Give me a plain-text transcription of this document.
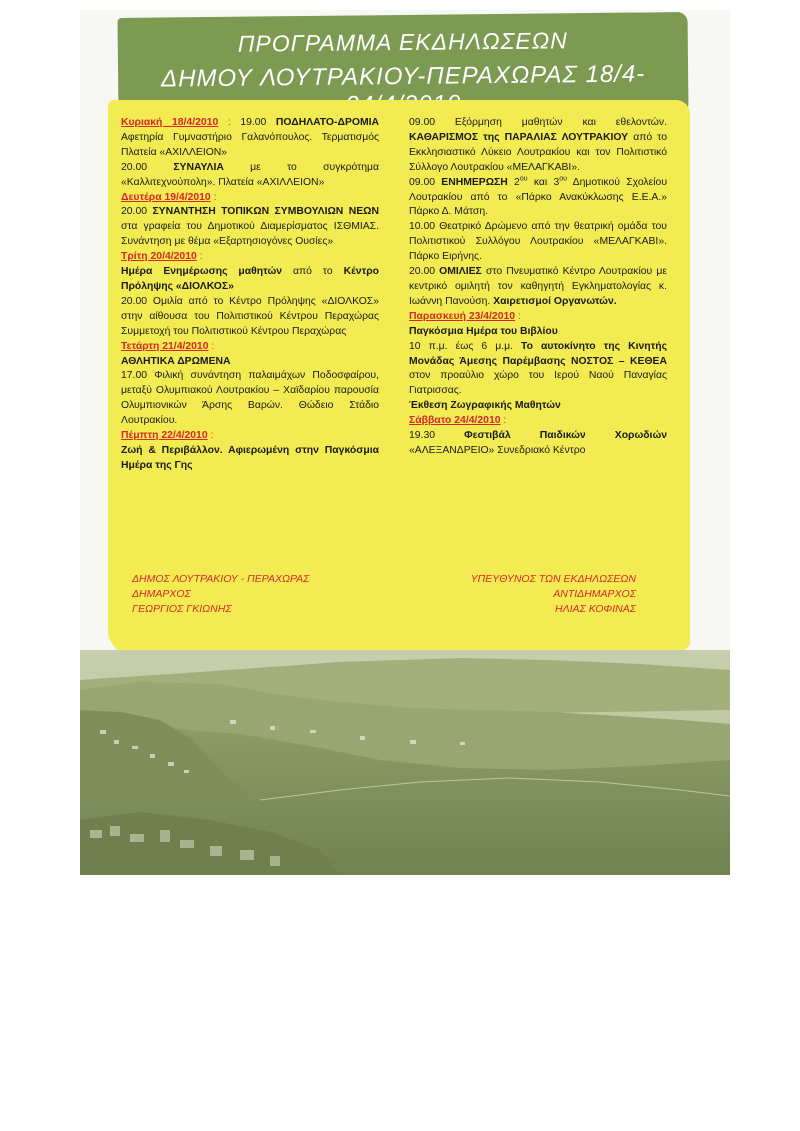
ΠΡΟΓΡΑΜΜΑ ΕΚΔΗΛΩΣΕΩΝ
ΔΗΜΟΥ ΛΟΥΤΡΑΚΙΟΥ-ΠΕΡΑΧΩΡΑΣ 18/4-24/4/2010

Κυριακή 18/4/2010 : 19.00 ΠΟΔΗΛΑΤΟ-ΔΡΟΜΙΑ Αφετηρία Γυμναστήριο Γαλανόπουλος. Τερματισμός Πλατεία «ΑΧΙΛΛΕΙΟΝ»

20.00 ΣΥΝΑΥΛΙΑ με το συγκρότημα «Καλλιτεχνούπολη». Πλατεία «ΑΧΙΛΛΕΙΟΝ»

Δευτέρα 19/4/2010 :

20.00 ΣΥΝΑΝΤΗΣΗ ΤΟΠΙΚΩΝ ΣΥΜΒΟΥΛΙΩΝ ΝΕΩΝ στα γραφεία του Δημοτικού Διαμερίσματος ΙΣΘΜΙΑΣ. Συνάντηση με θέμα «Εξαρτησιογόνες Ουσίες»

Τρίτη 20/4/2010 :

Ημέρα Ενημέρωσης μαθητών από το Κέντρο Πρόληψης «ΔΙΟΛΚΟΣ»

20.00 Ομιλία από το Κέντρο Πρόληψης «ΔΙΟΛΚΟΣ» στην αίθουσα του Πολιτιστικού Κέντρου Περαχώρας Συμμετοχή του Πολιτιστικού Κέντρου Περαχώρας

Τετάρτη 21/4/2010 :

ΑΘΛΗΤΙΚΑ ΔΡΩΜΕΝΑ

17.00 Φιλική συνάντηση παλαιμάχων Ποδοσφαίρου, μεταξύ Ολυμπιακού Λουτρακίου – Χαϊδαρίου παρουσία Ολυμπιονικών Άρσης Βαρών. Θώδειο Στάδιο Λουτρακίου.

Πέμπτη 22/4/2010 :

Ζωή & Περιβάλλον. Αφιερωμένη στην Παγκόσμια Ημέρα της Γης

09.00 Εξόρμηση μαθητών και εθελοντών. ΚΑΘΑΡΙΣΜΟΣ της ΠΑΡΑΛΙΑΣ ΛΟΥΤΡΑΚΙΟΥ από το Εκκλησιαστικό Λύκειο Λουτρακίου και τον Πολιτιστικό Σύλλογο Λουτρακίου «ΜΕΛΑΓΚΑΒΙ».

09.00 ΕΝΗΜΕΡΩΣΗ $2^{o\upsilon}$ και $3^{o\upsilon}$ Δημοτικού Σχολείου Λουτρακίου από το «Πάρκο Ανακύκλωσης Ε.Ε.Α.» Πάρκο Δ. Μάτση.

10.00 Θεατρικό Δρώμενο από την θεατρική ομάδα του Πολιτιστικού Συλλόγου Λουτρακίου «ΜΕΛΑΓΚΑΒΙ». Πάρκο Ειρήνης.

20.00 ΟΜΙΛΙΕΣ στο Πνευματικό Κέντρο Λουτρακίου με κεντρικό ομιλητή τον καθηγητή Εγκληματολογίας κ. Ιωάννη Πανούση. Χαιρετισμοί Οργανωτών.

Παρασκευή 23/4/2010 :

Παγκόσμια Ημέρα του Βιβλίου

10 π.μ. έως 6 μ.μ. Το αυτοκίνητο της Κινητής Μονάδας Άμεσης Παρέμβασης ΝΟΣΤΟΣ – ΚΕΘΕΑ στον προαύλιο χώρο του Ιερού Ναού Παναγίας Γιατρισσας.

Έκθεση Ζωγραφικής Μαθητών

Σάββατο 24/4/2010 :

19.30 Φεστιβάλ Παιδικών Χορωδιών «ΑΛΕΞΑΝΔΡΕΙΟ» Συνεδριακό Κέντρο

ΔΗΜΟΣ ΛΟΥΤΡΑΚΙΟΥ - ΠΕΡΑΧΩΡΑΣ
ΔΗΜΑΡΧΟΣ
ΓΕΩΡΓΙΟΣ ΓΚΙΩΝΗΣ
ΥΠΕΥΘΥΝΟΣ ΤΩΝ ΕΚΔΗΛΩΣΕΩΝ
ΑΝΤΙΔΗΜΑΡΧΟΣ
ΗΛΙΑΣ ΚΟΦΙΝΑΣ
